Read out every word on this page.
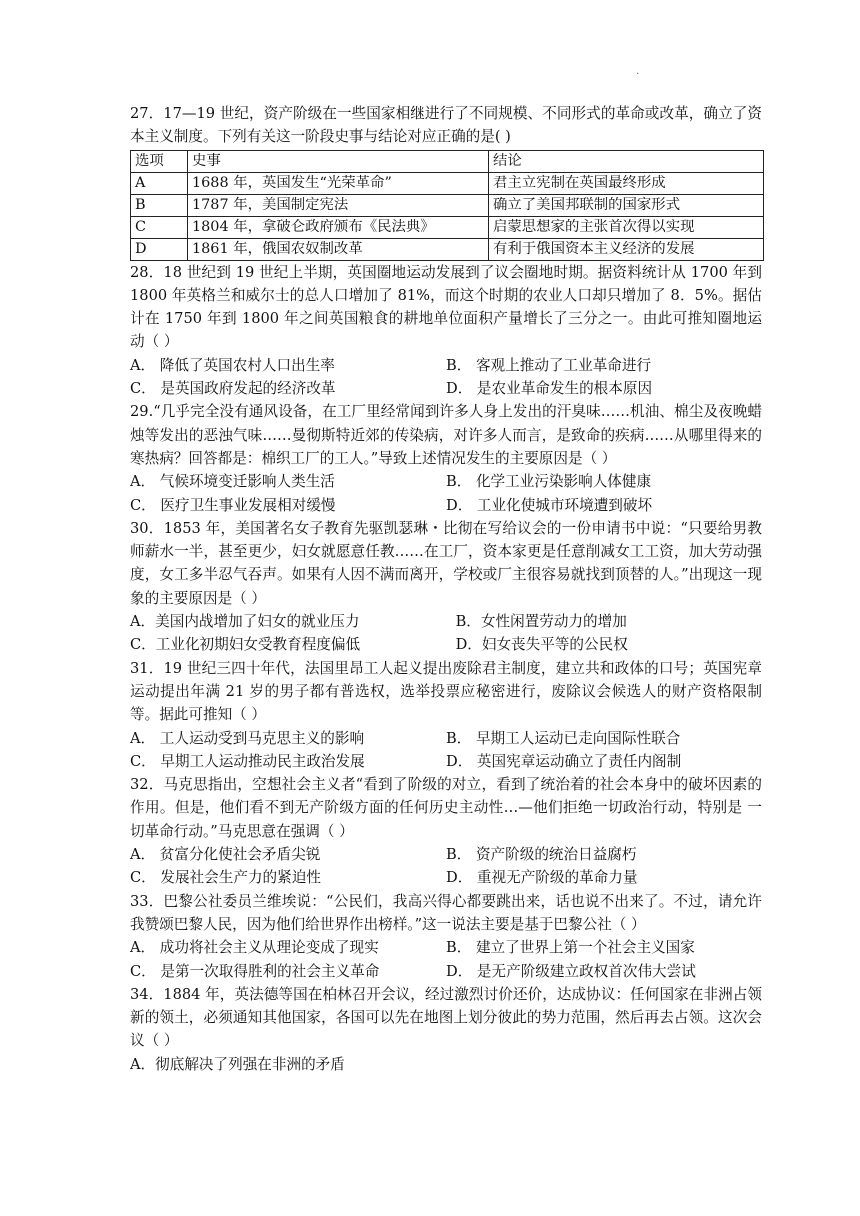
.

27．17—19 世纪，资产阶级在一些国家相继进行了不同规模、不同形式的革命或改革，确立了资本主义制度。下列有关这一阶段史事与结论对应正确的是( )

选项	史事	结论
A	1688 年，英国发生“光荣革命”	君主立宪制在英国最终形成
B	1787 年，美国制定宪法	确立了美国邦联制的国家形式
C	1804 年，拿破仑政府颁布《民法典》	启蒙思想家的主张首次得以实现
D	1861 年，俄国农奴制改革	有利于俄国资本主义经济的发展

28．18 世纪到 19 世纪上半期，英国圈地运动发展到了议会圈地时期。据资料统计从 1700 年到 1800 年英格兰和威尔士的总人口增加了 81%，而这个时期的农业人口却只增加了 8．5%。据估计在 1750 年到 1800 年之间英国粮食的耕地单位面积产量增长了三分之一。由此可推知圈地运动（ ）

A． 降低了英国农村人口出生率	B． 客观上推动了工业革命进行
C． 是英国政府发起的经济改革	D． 是农业革命发生的根本原因

29.“几乎完全没有通风设备，在工厂里经常闻到许多人身上发出的汗臭味……机油、棉尘及夜晚蜡烛等发出的恶浊气味……曼彻斯特近郊的传染病，对许多人而言，是致命的疾病……从哪里得来的寒热病？回答都是：棉织工厂的工人。”导致上述情况发生的主要原因是（ ）

A． 气候环境变迁影响人类生活	B． 化学工业污染影响人体健康
C． 医疗卫生事业发展相对缓慢	D． 工业化使城市环境遭到破坏

30．1853 年，美国著名女子教育先驱凯瑟琳・比彻在写给议会的一份申请书中说：“只要给男教师薪水一半，甚至更少，妇女就愿意任教……在工厂，资本家更是任意削减女工工资，加大劳动强度，女工多半忍气吞声。如果有人因不满而离开，学校或厂主很容易就找到顶替的人。”出现这一现象的主要原因是（ ）

A．美国内战增加了妇女的就业压力	B．女性闲置劳动力的增加
C．工业化初期妇女受教育程度偏低	D．妇女丧失平等的公民权

31．19 世纪三四十年代，法国里昂工人起义提出废除君主制度，建立共和政体的口号；英国宪章运动提出年满 21 岁的男子都有普选权，选举投票应秘密进行，废除议会候选人的财产资格限制等。据此可推知（ ）

A． 工人运动受到马克思主义的影响	B． 早期工人运动已走向国际性联合
C． 早期工人运动推动民主政治发展	D． 英国宪章运动确立了责任内阁制

32．马克思指出，空想社会主义者“看到了阶级的对立，看到了统治着的社会本身中的破坏因素的作用。但是，他们看不到无产阶级方面的任何历史主动性…—他们拒绝一切政治行动，特别是 一切革命行动。”马克思意在强调（ ）

A． 贫富分化使社会矛盾尖锐	B． 资产阶级的统治日益腐朽
C． 发展社会生产力的紧迫性	D． 重视无产阶级的革命力量

33．巴黎公社委员兰维埃说：“公民们，我高兴得心都要跳出来，话也说不出来了。不过，请允许我赞颂巴黎人民，因为他们给世界作出榜样。”这一说法主要是基于巴黎公社（ ）

A． 成功将社会主义从理论变成了现实	B． 建立了世界上第一个社会主义国家
C． 是第一次取得胜利的社会主义革命	D． 是无产阶级建立政权首次伟大尝试

34．1884 年，英法德等国在柏林召开会议，经过激烈讨价还价，达成协议：任何国家在非洲占领新的领土，必须通知其他国家，各国可以先在地图上划分彼此的势力范围，然后再去占领。这次会议（ ）

A．彻底解决了列强在非洲的矛盾
